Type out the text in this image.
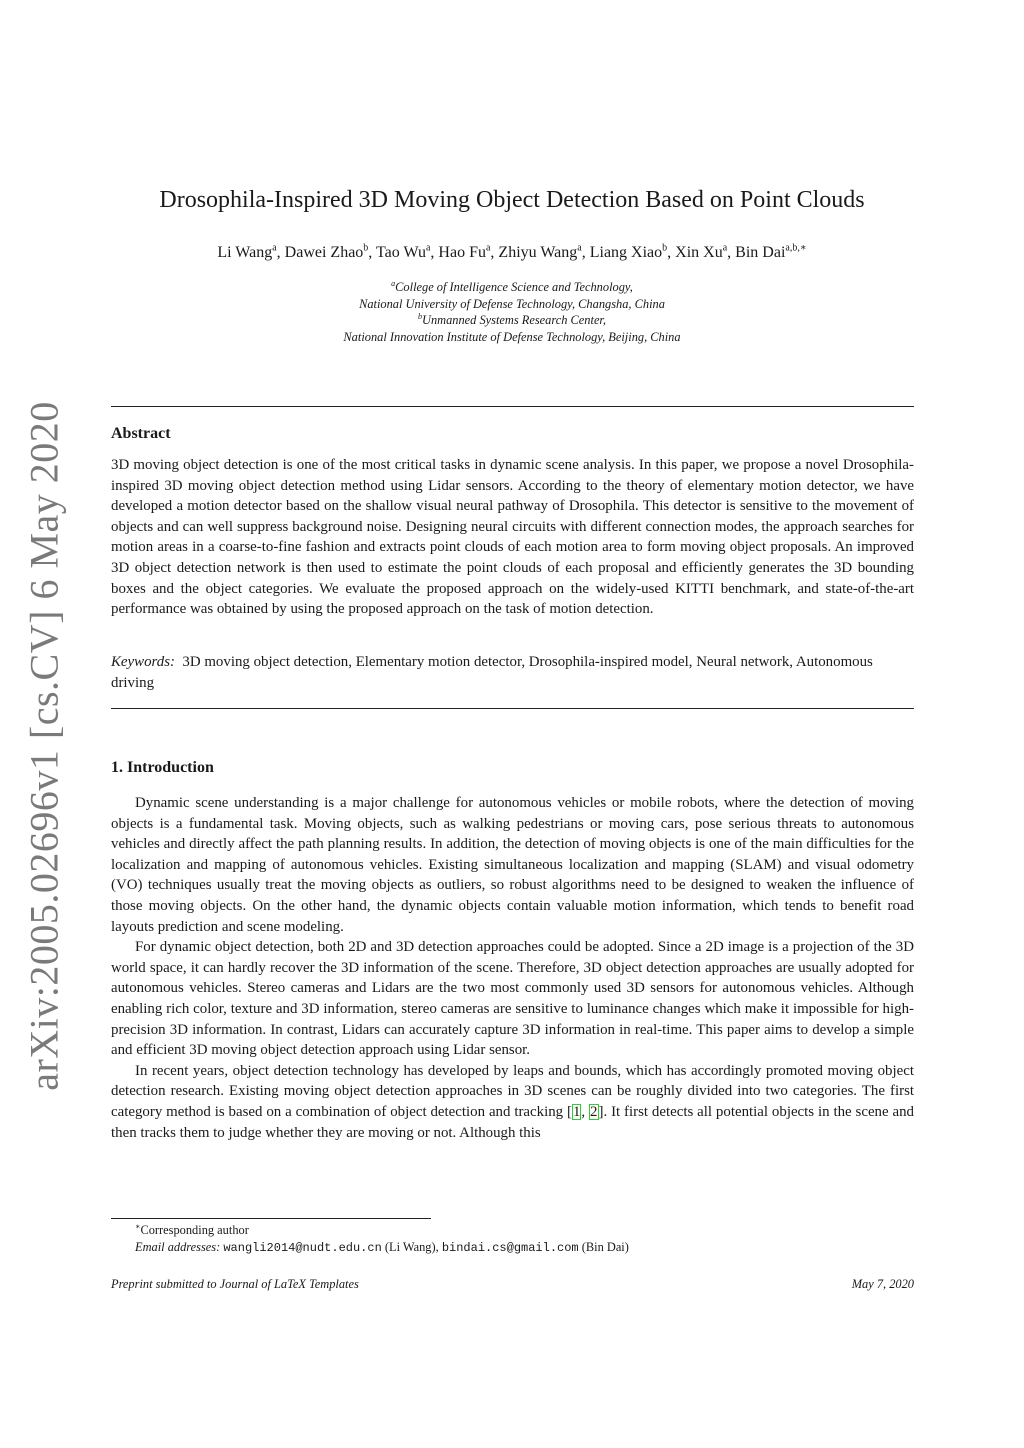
arXiv:2005.02696v1 [cs.CV] 6 May 2020
Drosophila-Inspired 3D Moving Object Detection Based on Point Clouds
Li Wang$^a$, Dawei Zhao$^b$, Tao Wu$^a$, Hao Fu$^a$, Zhiyu Wang$^a$, Liang Xiao$^b$, Xin Xu$^a$, Bin Dai$^{a,b,∗}$
$^a$College of Intelligence Science and Technology,
National University of Defense Technology, Changsha, China
$^b$Unmanned Systems Research Center,
National Innovation Institute of Defense Technology, Beijing, China
Abstract

3D moving object detection is one of the most critical tasks in dynamic scene analysis. In this paper, we propose a novel Drosophila-inspired 3D moving object detection method using Lidar sensors. According to the theory of elementary motion detector, we have developed a motion detector based on the shallow visual neural pathway of Drosophila. This detector is sensitive to the movement of objects and can well suppress background noise. Designing neural circuits with different connection modes, the approach searches for motion areas in a coarse-to-fine fashion and extracts point clouds of each motion area to form moving object proposals. An improved 3D object detection network is then used to estimate the point clouds of each proposal and efficiently generates the 3D bounding boxes and the object categories. We evaluate the proposed approach on the widely-used KITTI benchmark, and state-of-the-art performance was obtained by using the proposed approach on the task of motion detection.

Keywords: 3D moving object detection, Elementary motion detector, Drosophila-inspired model, Neural network, Autonomous driving

1. Introduction

Dynamic scene understanding is a major challenge for autonomous vehicles or mobile robots, where the detection of moving objects is a fundamental task. Moving objects, such as walking pedestrians or moving cars, pose serious threats to autonomous vehicles and directly affect the path planning results. In addition, the detection of moving objects is one of the main difficulties for the localization and mapping of autonomous vehicles. Existing simultaneous localization and mapping (SLAM) and visual odometry (VO) techniques usually treat the moving objects as outliers, so robust algorithms need to be designed to weaken the influence of those moving objects. On the other hand, the dynamic objects contain valuable motion information, which tends to benefit road layouts prediction and scene modeling.

For dynamic object detection, both 2D and 3D detection approaches could be adopted. Since a 2D image is a projection of the 3D world space, it can hardly recover the 3D information of the scene. Therefore, 3D object detection approaches are usually adopted for autonomous vehicles. Stereo cameras and Lidars are the two most commonly used 3D sensors for autonomous vehicles. Although enabling rich color, texture and 3D information, stereo cameras are sensitive to luminance changes which make it impossible for high-precision 3D information. In contrast, Lidars can accurately capture 3D information in real-time. This paper aims to develop a simple and efficient 3D moving object detection approach using Lidar sensor.

In recent years, object detection technology has developed by leaps and bounds, which has accordingly promoted moving object detection research. Existing moving object detection approaches in 3D scenes can be roughly divided into two categories. The first category method is based on a combination of object detection and tracking [1, 2]. It first detects all potential objects in the scene and then tracks them to judge whether they are moving or not. Although this

∗Corresponding author
Email addresses: wangli2014@nudt.edu.cn (Li Wang), bindai.cs@gmail.com (Bin Dai)
Preprint submitted to Journal of LaTeX Templates	May 7, 2020
